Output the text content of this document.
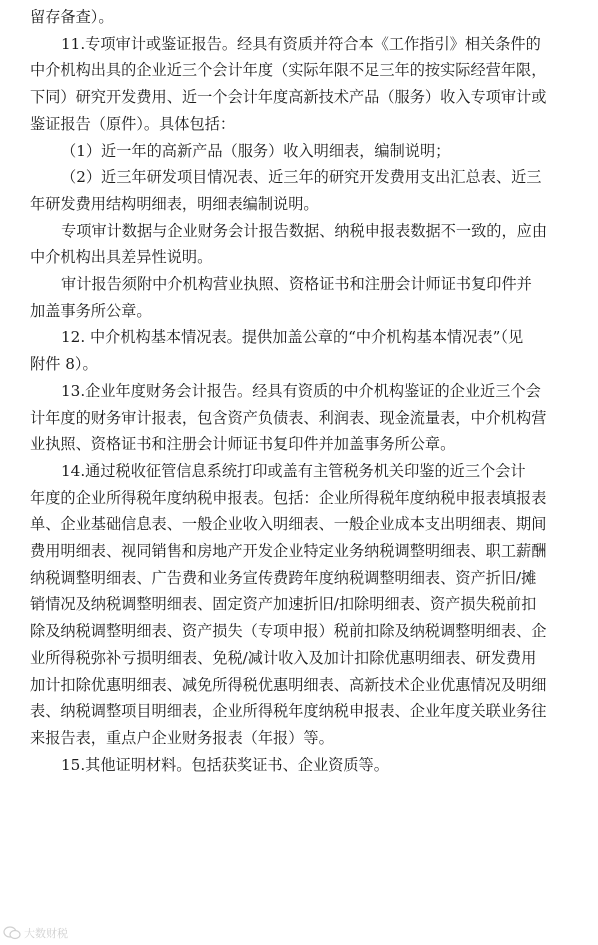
留存备查）。
11.专项审计或鉴证报告。经具有资质并符合本《工作指引》相关条件的
中介机构出具的企业近三个会计年度（实际年限不足三年的按实际经营年限，
下同）研究开发费用、近一个会计年度高新技术产品（服务）收入专项审计或
鉴证报告（原件）。具体包括：
（1）近一年的高新产品（服务）收入明细表，编制说明；
（2）近三年研发项目情况表、近三年的研究开发费用支出汇总表、近三
年研发费用结构明细表，明细表编制说明。
专项审计数据与企业财务会计报告数据、纳税申报表数据不一致的，应由
中介机构出具差异性说明。
审计报告须附中介机构营业执照、资格证书和注册会计师证书复印件并
加盖事务所公章。
12. 中介机构基本情况表。提供加盖公章的“中介机构基本情况表”（见
附件 8）。
13.企业年度财务会计报告。经具有资质的中介机构鉴证的企业近三个会
计年度的财务审计报表，包含资产负债表、利润表、现金流量表，中介机构营
业执照、资格证书和注册会计师证书复印件并加盖事务所公章。
14.通过税收征管信息系统打印或盖有主管税务机关印鉴的近三个会计
年度的企业所得税年度纳税申报表。包括：企业所得税年度纳税申报表填报表
单、企业基础信息表、一般企业收入明细表、一般企业成本支出明细表、期间
费用明细表、视同销售和房地产开发企业特定业务纳税调整明细表、职工薪酬
纳税调整明细表、广告费和业务宣传费跨年度纳税调整明细表、资产折旧/摊
销情况及纳税调整明细表、固定资产加速折旧/扣除明细表、资产损失税前扣
除及纳税调整明细表、资产损失（专项申报）税前扣除及纳税调整明细表、企
业所得税弥补亏损明细表、免税/减计收入及加计扣除优惠明细表、研发费用
加计扣除优惠明细表、减免所得税优惠明细表、高新技术企业优惠情况及明细
表、纳税调整项目明细表，企业所得税年度纳税申报表、企业年度关联业务往
来报告表，重点户企业财务报表（年报）等。
15.其他证明材料。包括获奖证书、企业资质等。
大数财税
